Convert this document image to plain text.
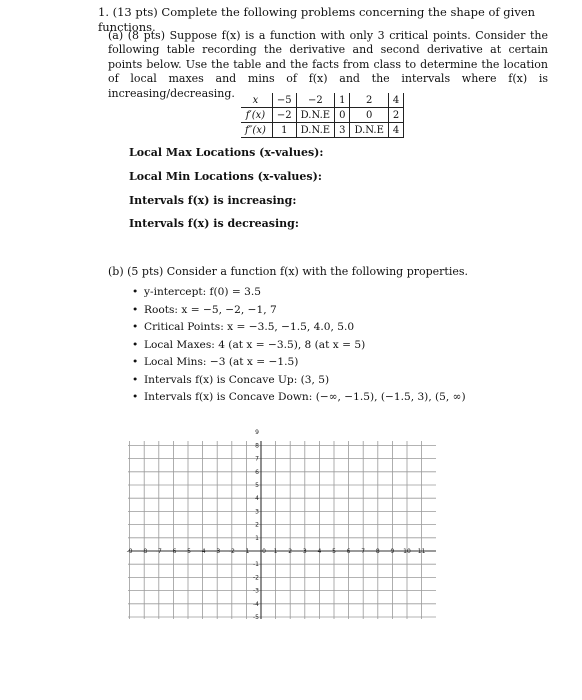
1. (13 pts) Complete the following problems concerning the shape of given functions.
(a) (8 pts) Suppose f(x) is a function with only 3 critical points. Consider the following table recording the derivative and second derivative at certain points below. Use the table and the facts from class to determine the location of local maxes and mins of f(x) and the intervals where f(x) is increasing/decreasing.
x	−5	−2	1	2	4
f′(x)	−2	D.N.E	0	0	2
f″(x)	1	D.N.E	3	D.N.E	4
Local Max Locations (x-values):
Local Min Locations (x-values):
Intervals f(x) is increasing:
Intervals f(x) is decreasing:
(b) (5 pts) Consider a function f(x) with the following properties.
• y-intercept: f(0) = 3.5
• Roots: x = −5, −2, −1, 7
• Critical Points: x = −3.5, −1.5, 4.0, 5.0
• Local Maxes: 4 (at x = −3.5), 8 (at x = 5)
• Local Mins: −3 (at x = −1.5)
• Intervals f(x) is Concave Up: (3, 5)
• Intervals f(x) is Concave Down: (−∞, −1.5), (−1.5, 3), (5, ∞)
-9 -8 -7 -6 -5 -4 -3 -2 -1 0 1 2 3 4 5 6 7 8 9 10 11
9
8
7
6
5
4
3
2
1
-1
-2
-3
-4
-5
